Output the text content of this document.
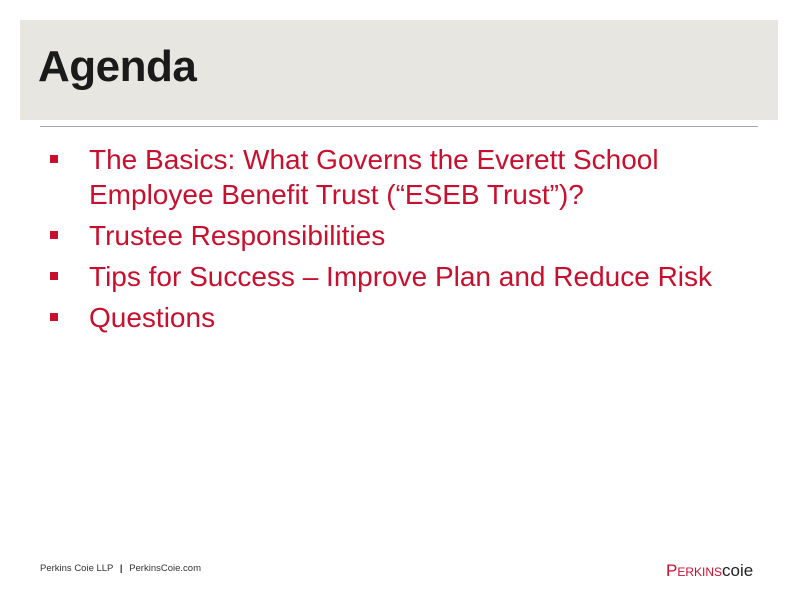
Agenda
The Basics: What Governs the Everett School Employee Benefit Trust (“ESEB Trust”)?
Trustee Responsibilities
Tips for Success – Improve Plan and Reduce Risk
Questions
Perkins Coie LLP | PerkinsCoie.com	Perkinscoie
